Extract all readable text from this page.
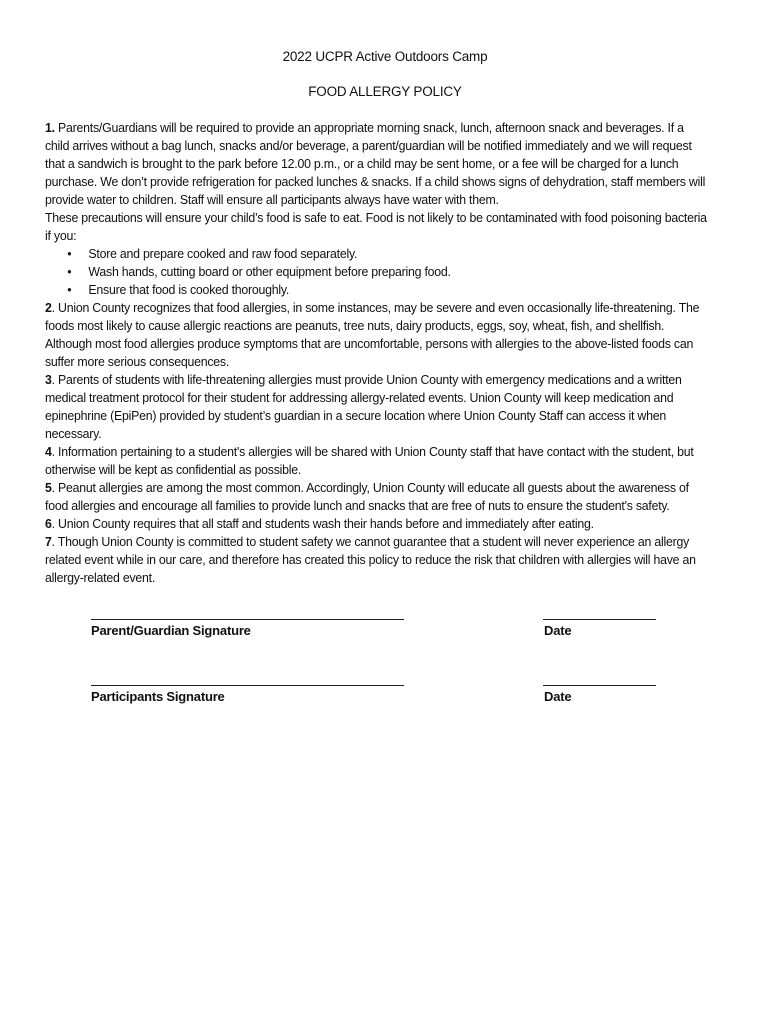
2022 UCPR Active Outdoors Camp
FOOD ALLERGY POLICY

1. Parents/Guardians will be required to provide an appropriate morning snack, lunch, afternoon snack and beverages. If a child arrives without a bag lunch, snacks and/or beverage, a parent/guardian will be notified immediately and we will request that a sandwich is brought to the park before 12.00 p.m., or a child may be sent home, or a fee will be charged for a lunch purchase. We don’t provide refrigeration for packed lunches & snacks. If a child shows signs of dehydration, staff members will provide water to children. Staff will ensure all participants always have water with them.

These precautions will ensure your child’s food is safe to eat. Food is not likely to be contaminated with food poisoning bacteria if you:

• Store and prepare cooked and raw food separately.
• Wash hands, cutting board or other equipment before preparing food.
• Ensure that food is cooked thoroughly.

2. Union County recognizes that food allergies, in some instances, may be severe and even occasionally life-threatening. The foods most likely to cause allergic reactions are peanuts, tree nuts, dairy products, eggs, soy, wheat, fish, and shellfish. Although most food allergies produce symptoms that are uncomfortable, persons with allergies to the above-listed foods can suffer more serious consequences.

3. Parents of students with life-threatening allergies must provide Union County with emergency medications and a written medical treatment protocol for their student for addressing allergy-related events. Union County will keep medication and epinephrine (EpiPen) provided by student’s guardian in a secure location where Union County Staff can access it when necessary.

4. Information pertaining to a student's allergies will be shared with Union County staff that have contact with the student, but otherwise will be kept as confidential as possible.

5. Peanut allergies are among the most common. Accordingly, Union County will educate all guests about the awareness of food allergies and encourage all families to provide lunch and snacks that are free of nuts to ensure the student's safety.

6. Union County requires that all staff and students wash their hands before and immediately after eating.

7. Though Union County is committed to student safety we cannot guarantee that a student will never experience an allergy related event while in our care, and therefore has created this policy to reduce the risk that children with allergies will have an allergy-related event.

Parent/Guardian Signature	Date
Participants Signature	Date
